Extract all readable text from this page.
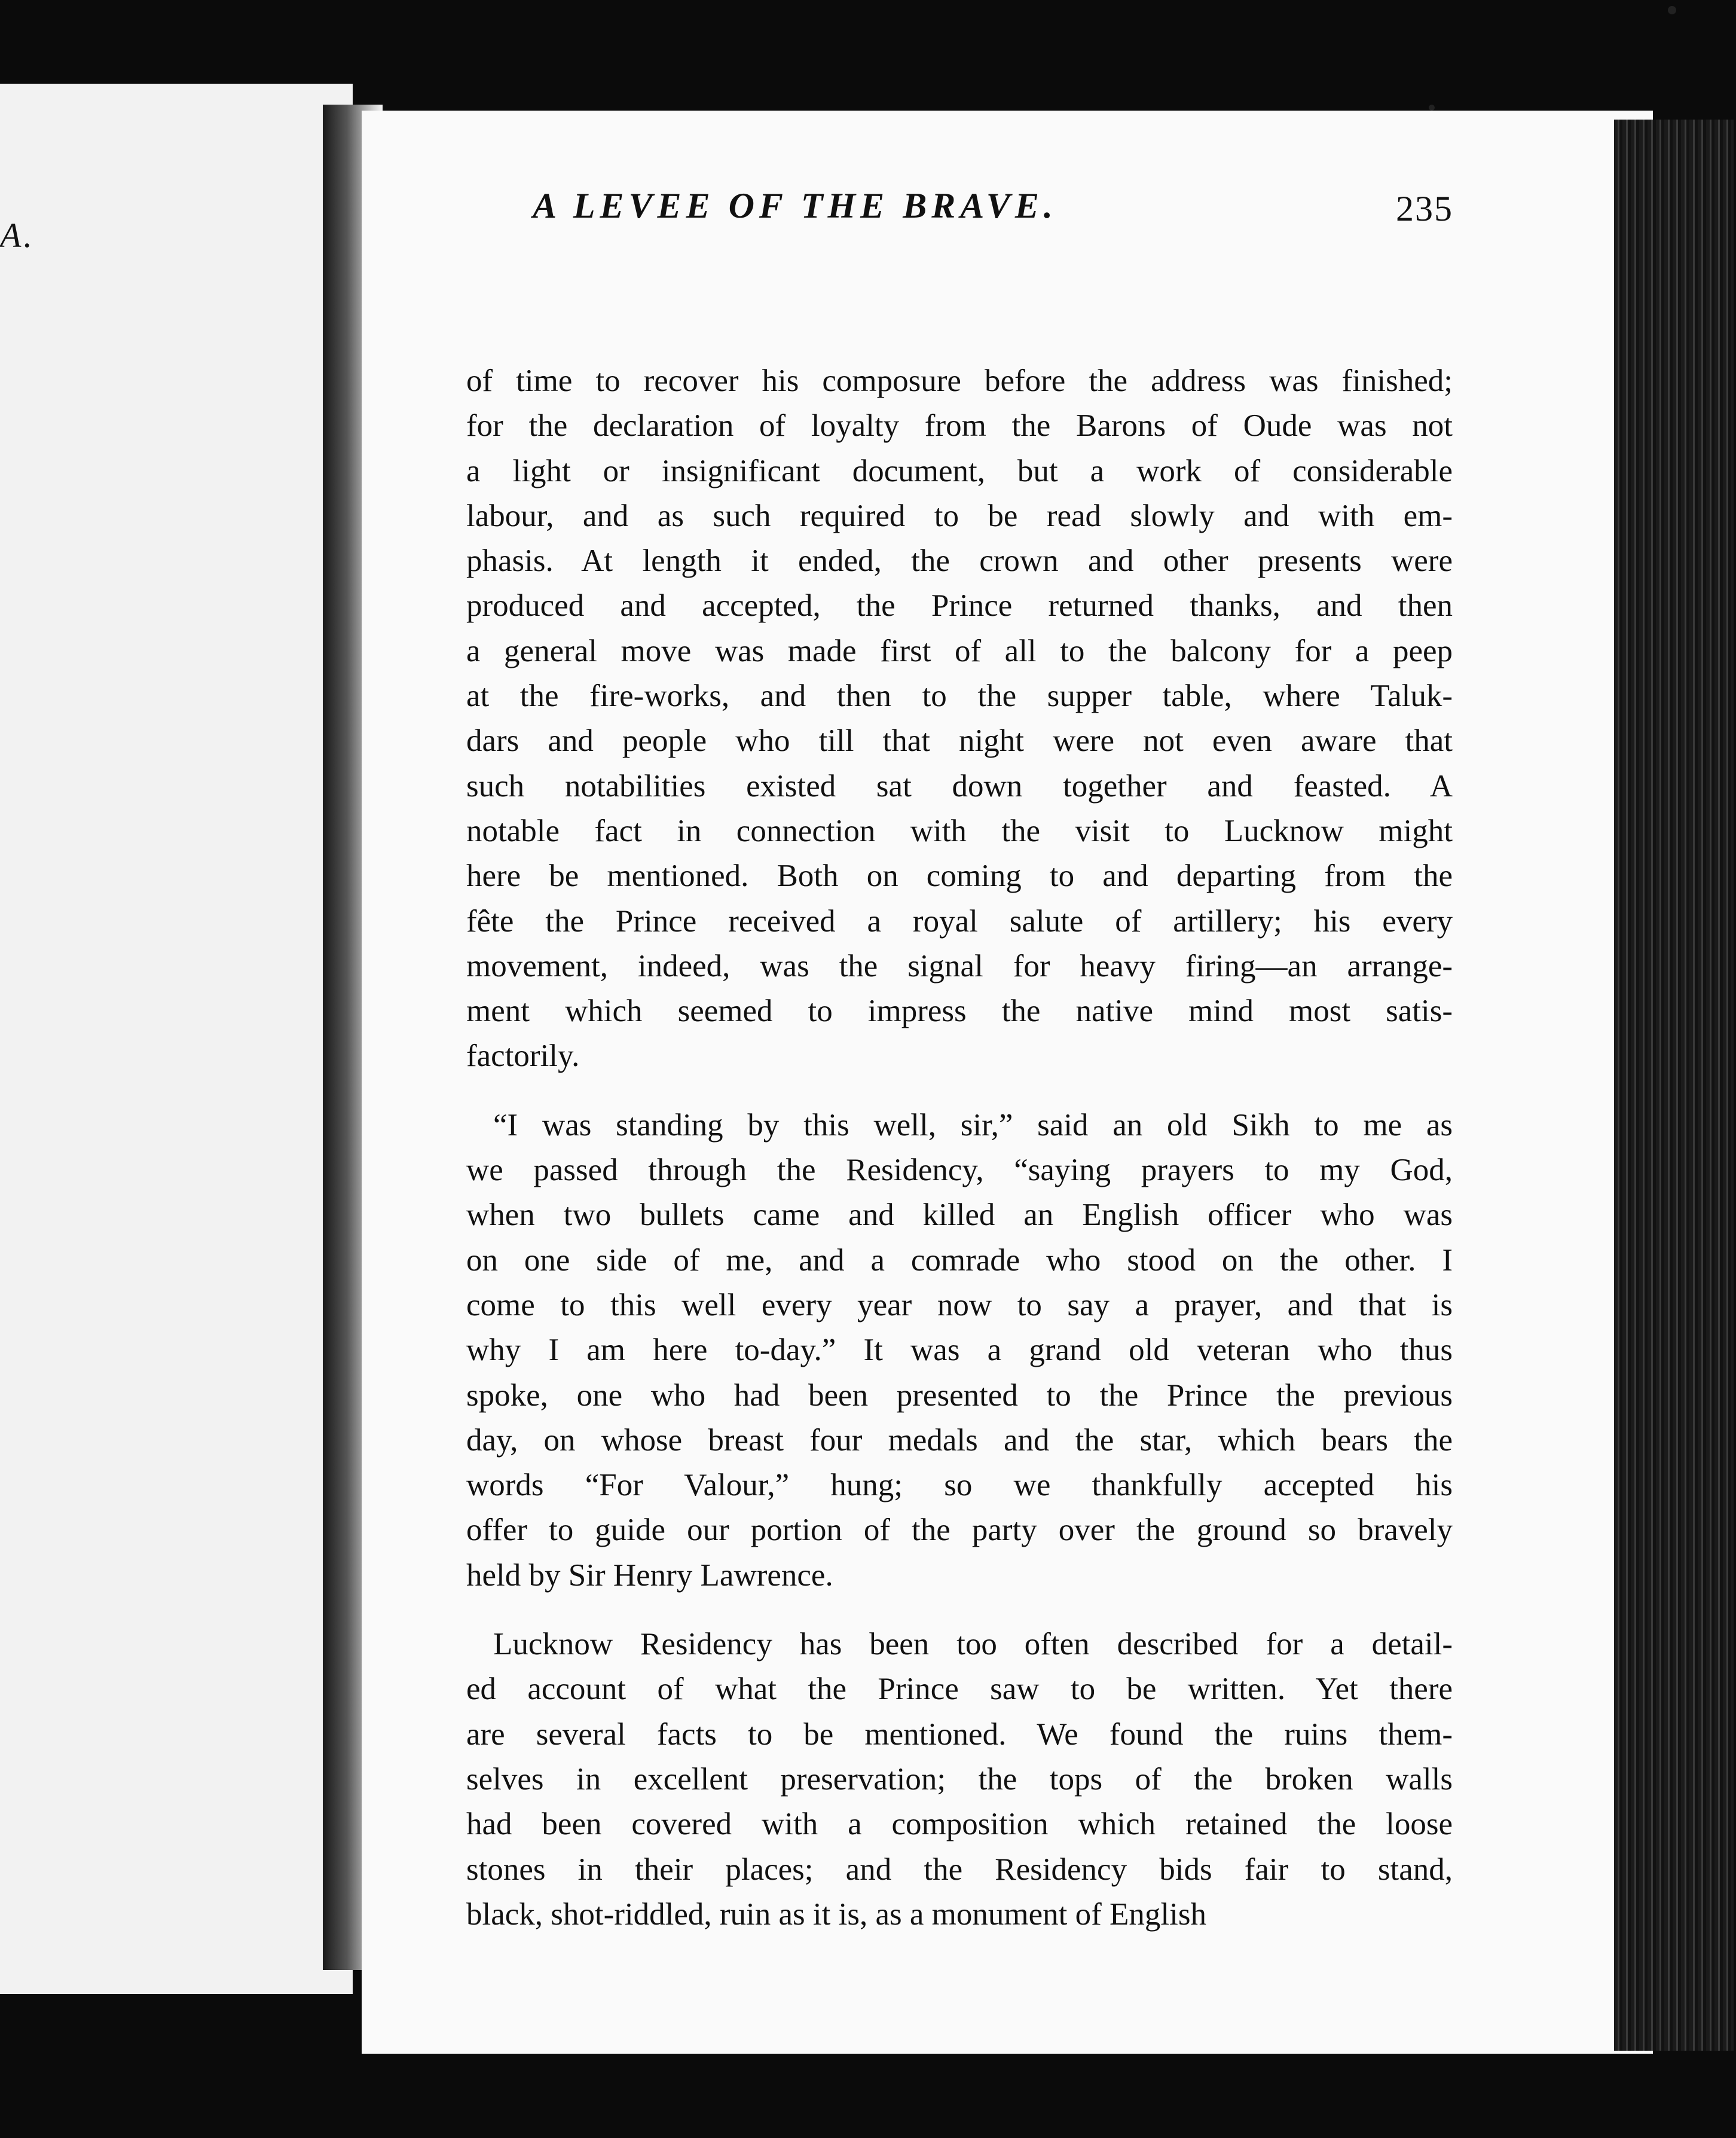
A.
A LEVEE OF THE BRAVE.	235
of time to recover his composure before the address was finished;
for the declaration of loyalty from the Barons of Oude was not
a light or insignificant document, but a work of considerable
labour, and as such required to be read slowly and with em-
phasis. At length it ended, the crown and other presents were
produced and accepted, the Prince returned thanks, and then
a general move was made first of all to the balcony for a peep
at the fire-works, and then to the supper table, where Taluk-
dars and people who till that night were not even aware that
such notabilities existed sat down together and feasted. A
notable fact in connection with the visit to Lucknow might
here be mentioned. Both on coming to and departing from the
fête the Prince received a royal salute of artillery; his every
movement, indeed, was the signal for heavy firing—an arrange-
ment which seemed to impress the native mind most satis-
factorily.
“I was standing by this well, sir,” said an old Sikh to me as
we passed through the Residency, “saying prayers to my God,
when two bullets came and killed an English officer who was
on one side of me, and a comrade who stood on the other. I
come to this well every year now to say a prayer, and that is
why I am here to-day.” It was a grand old veteran who thus
spoke, one who had been presented to the Prince the previous
day, on whose breast four medals and the star, which bears the
words “For Valour,” hung; so we thankfully accepted his
offer to guide our portion of the party over the ground so bravely
held by Sir Henry Lawrence.
Lucknow Residency has been too often described for a detail-
ed account of what the Prince saw to be written. Yet there
are several facts to be mentioned. We found the ruins them-
selves in excellent preservation; the tops of the broken walls
had been covered with a composition which retained the loose
stones in their places; and the Residency bids fair to stand,
black, shot-riddled, ruin as it is, as a monument of English
